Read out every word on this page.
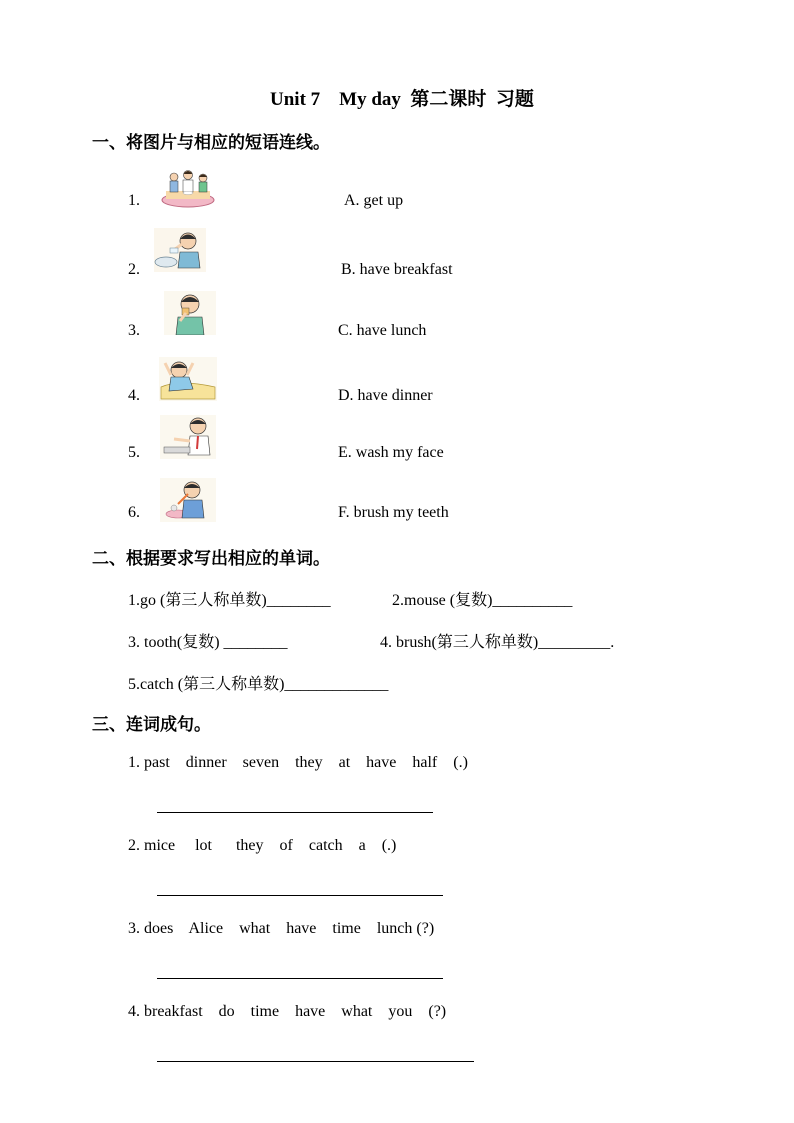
Unit 7　My day  第二课时  习题
一、将图片与相应的短语连线。
1.
2.
3.
4.
5.
6.
A. get up
B. have breakfast
C. have lunch
D. have dinner
E. wash my face
F. brush my teeth
二、根据要求写出相应的单词。
1.go (第三人称单数)________	2.mouse (复数)__________
3. tooth(复数) ________	4. brush(第三人称单数)_________.
5.catch (第三人称单数)_____________
三、连词成句。
1. past    dinner    seven    they    at    have    half    (.)
2. mice     lot      they    of    catch    a    (.)
3. does    Alice    what    have    time    lunch (?)
4. breakfast    do    time    have    what    you    (?)
